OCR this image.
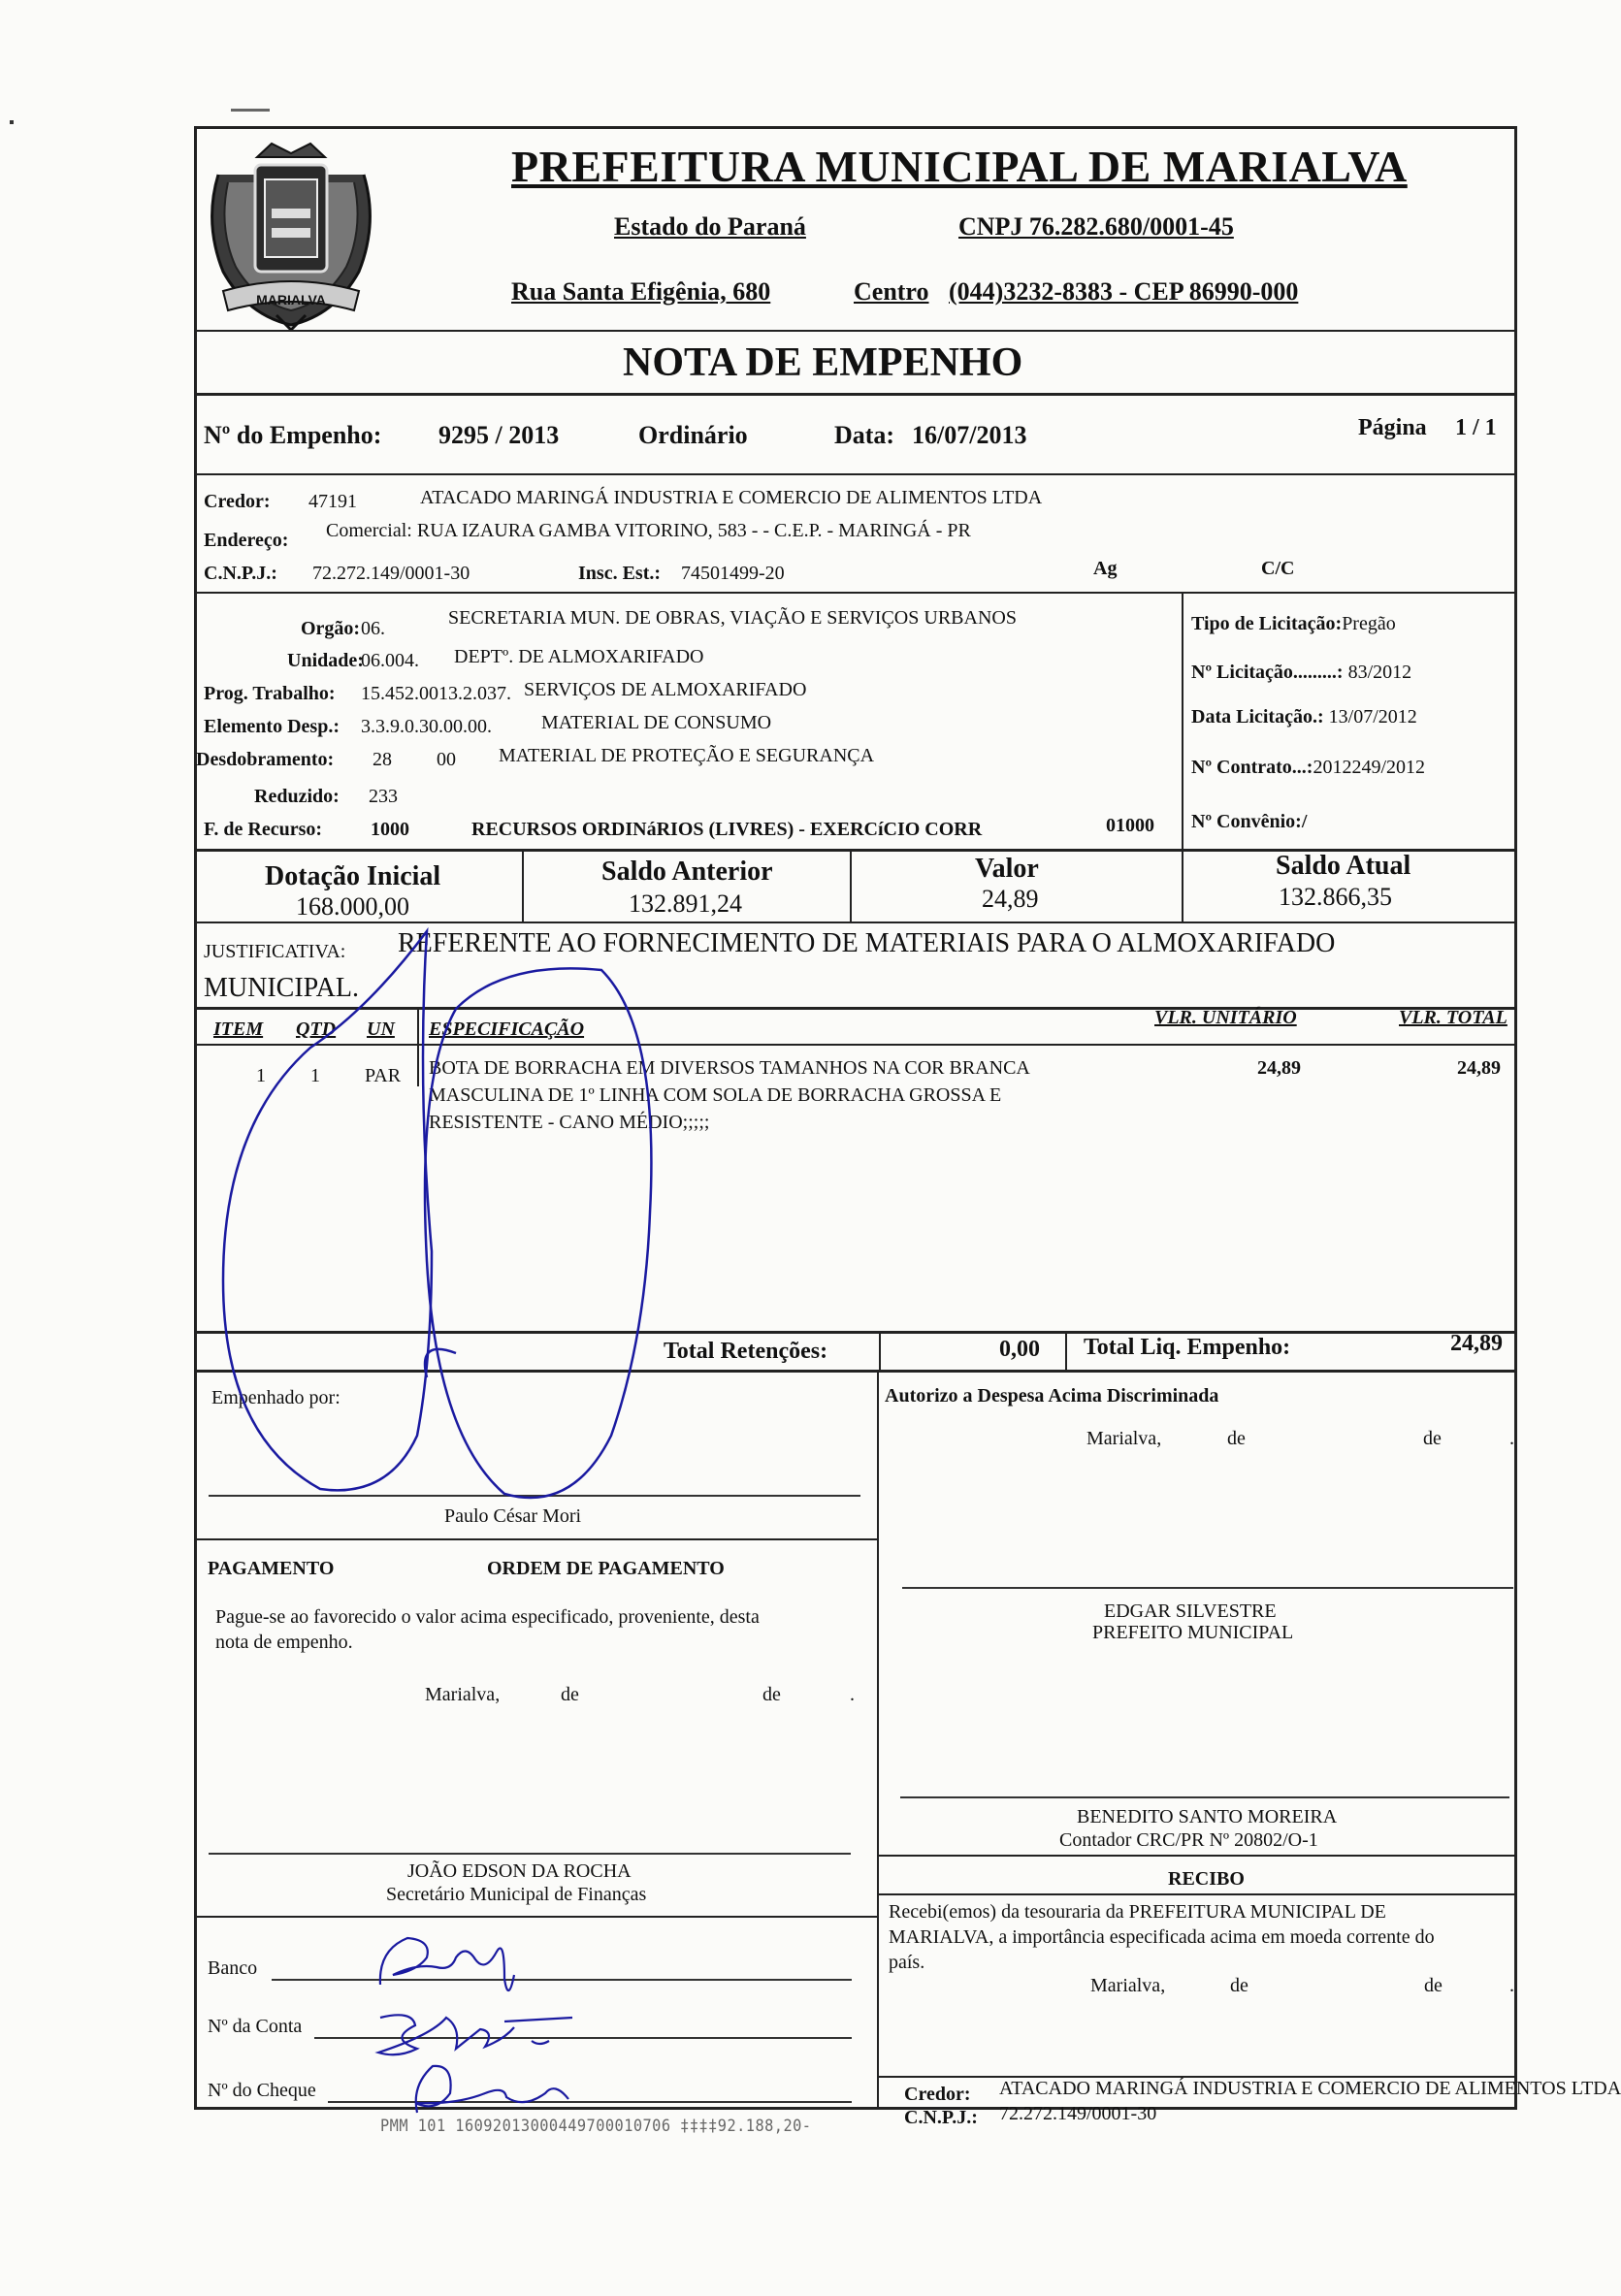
MARIALVA
PREFEITURA MUNICIPAL DE MARIALVA
Estado do Paraná	CNPJ 76.282.680/0001-45
Rua Santa Efigênia, 680	Centro (044)3232-8383 - CEP 86990-000
NOTA DE EMPENHO
Nº do Empenho: 9295 / 2013	Ordinário	Data: 16/07/2013	Página 1 / 1
Credor: 47191	ATACADO MARINGÁ INDUSTRIA E COMERCIO DE ALIMENTOS LTDA
Endereço: Comercial: RUA IZAURA GAMBA VITORINO, 583 - - C.E.P. - MARINGÁ - PR
C.N.P.J.: 72.272.149/0001-30	Insc. Est.: 74501499-20	Ag	C/C
Orgão: 06.	SECRETARIA MUN. DE OBRAS, VIAÇÃO E SERVIÇOS URBANOS
Unidade:
06.004. DEPTº. DE ALMOXARIFADO
Prog. Trabalho: 15.452.0013.2.037. SERVIÇOS DE ALMOXARIFADO
Elemento Desp.: 3.3.9.0.30.00.00.	MATERIAL DE CONSUMO
Desdobramento: 28 00 MATERIAL DE PROTEÇÃO E SEGURANÇA
Reduzido: 233
F. de Recurso: 1000	RECURSOS ORDINáRIOS (LIVRES) - EXERCíCIO CORR	01000
Tipo de Licitação:Pregão
Nº Licitação.........: 83/2012
Data Licitação.: 13/07/2012
Nº Contrato...:2012249/2012
Nº Convênio:/
Dotação Inicial
168.000,00
Saldo Anterior
132.891,24
Valor
24,89
Saldo Atual
132.866,35
JUSTIFICATIVA: REFERENTE AO FORNECIMENTO DE MATERIAIS PARA O ALMOXARIFADO
MUNICIPAL.
ITEM QTD UN ESPECIFICAÇÃO
VLR. UNITÁRIO	VLR. TOTAL
1 1 PAR BOTA DE BORRACHA EM DIVERSOS TAMANHOS NA COR BRANCA
MASCULINA DE 1º LINHA COM SOLA DE BORRACHA GROSSA E
RESISTENTE - CANO MÉDIO;;;;;
24,89	24,89
Total Retenções:	0,00 Total Liq. Empenho:	24,89
Empenhado por:
Paulo César Mori
Autorizo a Despesa Acima Discriminada
Marialva,	de	de	.
PAGAMENTO	ORDEM DE PAGAMENTO
Pague-se ao favorecido o valor acima especificado, proveniente, desta
nota de empenho.
Marialva,	de	de	.
EDGAR SILVESTRE
PREFEITO MUNICIPAL
BENEDITO SANTO MOREIRA
Contador CRC/PR Nº 20802/O-1
JOÃO EDSON DA ROCHA
Secretário Municipal de Finanças
RECIBO
Recebi(emos) da tesouraria da PREFEITURA MUNICIPAL DE
MARIALVA, a importância especificada acima em moeda corrente do
país.
Marialva,	de	de	.
Banco
Nº da Conta
Nº do Cheque	Credor: ATACADO MARINGÁ INDUSTRIA E COMERCIO DE ALIMENTOS LTDA
C.N.P.J.: 72.272.149/0001-30
PMM 101 16092013000449700010706 ‡‡‡‡92.188,20-
